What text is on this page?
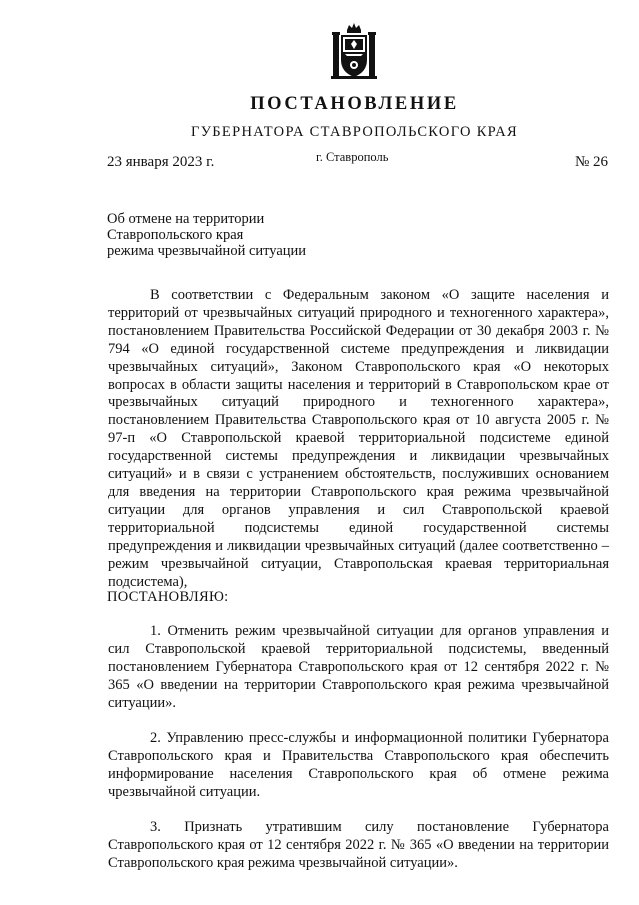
ПОСТАНОВЛЕНИЕ
ГУБЕРНАТОРА СТАВРОПОЛЬСКОГО КРАЯ
23 января 2023 г.	г. Ставрополь	№ 26
Об отмене на территории
Ставропольского края
режима чрезвычайной ситуации

В соответствии с Федеральным законом «О защите населения и территорий от чрезвычайных ситуаций природного и техногенного характера», постановлением Правительства Российской Федерации от 30 декабря 2003 г. № 794 «О единой государственной системе предупреждения и ликвидации чрезвычайных ситуаций», Законом Ставропольского края «О некоторых вопросах в области защиты населения и территорий в Ставропольском крае от чрезвычайных ситуаций природного и техногенного характера», постановлением Правительства Ставропольского края от 10 августа 2005 г. № 97-п «О Ставропольской краевой территориальной подсистеме единой государственной системы предупреждения и ликвидации чрезвычайных ситуаций» и в связи с устранением обстоятельств, послуживших основанием для введения на территории Ставропольского края режима чрезвычайной ситуации для органов управления и сил Ставропольской краевой территориальной подсистемы единой государственной системы предупреждения и ликвидации чрезвычайных ситуаций (далее соответственно – режим чрезвычайной ситуации, Ставропольская краевая территориальная подсистема),

ПОСТАНОВЛЯЮ:

1. Отменить режим чрезвычайной ситуации для органов управления и сил Ставропольской краевой территориальной подсистемы, введенный постановлением Губернатора Ставропольского края от 12 сентября 2022 г. № 365 «О введении на территории Ставропольского края режима чрезвычайной ситуации».

2. Управлению пресс-службы и информационной политики Губернатора Ставропольского края и Правительства Ставропольского края обеспечить информирование населения Ставропольского края об отмене режима чрезвычайной ситуации.

3. Признать утратившим силу постановление Губернатора Ставропольского края от 12 сентября 2022 г. № 365 «О введении на территории Ставропольского края режима чрезвычайной ситуации».
